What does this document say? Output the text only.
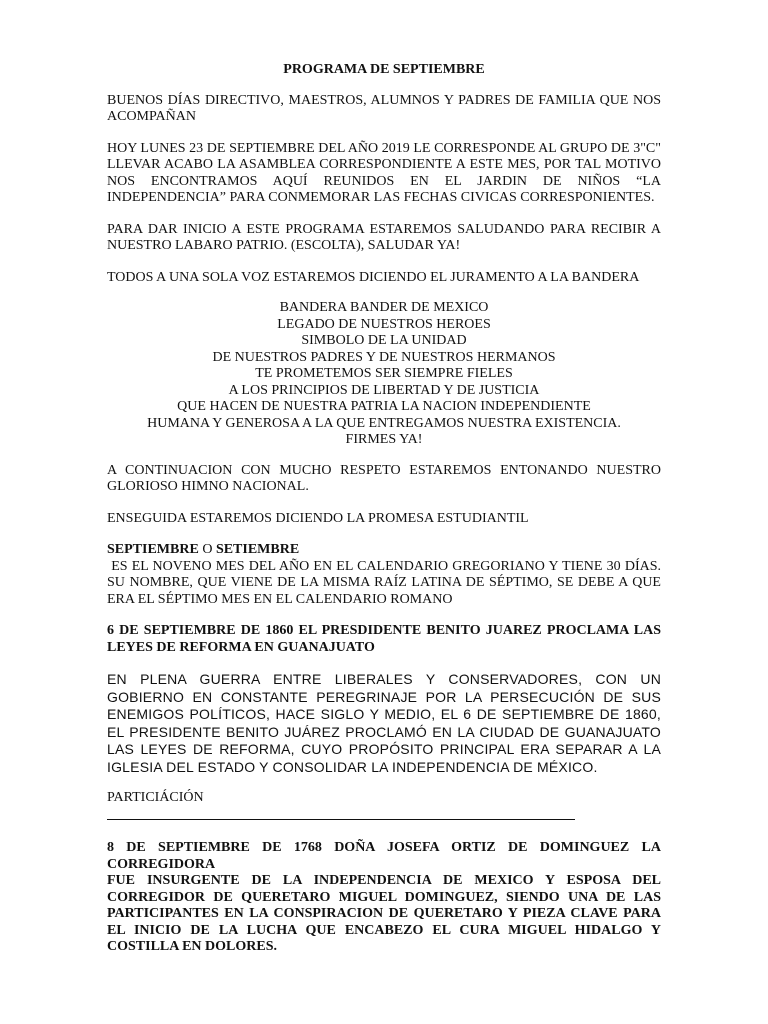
PROGRAMA DE SEPTIEMBRE

BUENOS DÍAS DIRECTIVO, MAESTROS, ALUMNOS Y PADRES DE FAMILIA QUE NOS ACOMPAÑAN

HOY LUNES 23 DE SEPTIEMBRE DEL AÑO 2019 LE CORRESPONDE AL GRUPO DE 3"C" LLEVAR ACABO LA ASAMBLEA CORRESPONDIENTE A ESTE MES, POR TAL MOTIVO NOS ENCONTRAMOS AQUÍ REUNIDOS EN EL JARDIN DE NIÑOS “LA INDEPENDENCIA” PARA CONMEMORAR LAS FECHAS CIVICAS CORRESPONIENTES.

PARA DAR INICIO A ESTE PROGRAMA ESTAREMOS SALUDANDO PARA RECIBIR A NUESTRO LABARO PATRIO. (ESCOLTA), SALUDAR YA!

TODOS A UNA SOLA VOZ ESTAREMOS DICIENDO EL JURAMENTO A LA BANDERA

BANDERA BANDER DE MEXICO
LEGADO DE NUESTROS HEROES
SIMBOLO DE LA UNIDAD
DE NUESTROS PADRES Y DE NUESTROS HERMANOS
TE PROMETEMOS SER SIEMPRE FIELES
A LOS PRINCIPIOS DE LIBERTAD Y DE JUSTICIA
QUE HACEN DE NUESTRA PATRIA LA NACION INDEPENDIENTE
HUMANA Y GENEROSA A LA QUE ENTREGAMOS NUESTRA EXISTENCIA.
FIRMES YA!

A CONTINUACION CON MUCHO RESPETO ESTAREMOS ENTONANDO NUESTRO GLORIOSO HIMNO NACIONAL.

ENSEGUIDA ESTAREMOS DICIENDO LA PROMESA ESTUDIANTIL

SEPTIEMBRE O SETIEMBRE

ES EL NOVENO MES DEL AÑO EN EL CALENDARIO GREGORIANO Y TIENE 30 DÍAS. SU NOMBRE, QUE VIENE DE LA MISMA RAÍZ LATINA DE SÉPTIMO, SE DEBE A QUE ERA EL SÉPTIMO MES EN EL CALENDARIO ROMANO

6 DE SEPTIEMBRE DE 1860 EL PRESDIDENTE BENITO JUAREZ PROCLAMA LAS LEYES DE REFORMA EN GUANAJUATO

EN PLENA GUERRA ENTRE LIBERALES Y CONSERVADORES, CON UN GOBIERNO EN CONSTANTE PEREGRINAJE POR LA PERSECUCIÓN DE SUS ENEMIGOS POLÍTICOS, HACE SIGLO Y MEDIO, EL 6 DE SEPTIEMBRE DE 1860, EL PRESIDENTE BENITO JUÁREZ PROCLAMÓ EN LA CIUDAD DE GUANAJUATO LAS LEYES DE REFORMA, CUYO PROPÓSITO PRINCIPAL ERA SEPARAR A LA IGLESIA DEL ESTADO Y CONSOLIDAR LA INDEPENDENCIA DE MÉXICO.

PARTICIÁCIÓN

8 DE SEPTIEMBRE DE 1768 DOÑA JOSEFA ORTIZ DE DOMINGUEZ LA CORREGIDORA

FUE INSURGENTE DE LA INDEPENDENCIA DE MEXICO Y ESPOSA DEL CORREGIDOR DE QUERETARO MIGUEL DOMINGUEZ, SIENDO UNA DE LAS PARTICIPANTES EN LA CONSPIRACION DE QUERETARO Y PIEZA CLAVE PARA EL INICIO DE LA LUCHA QUE ENCABEZO EL CURA MIGUEL HIDALGO Y COSTILLA EN DOLORES.
